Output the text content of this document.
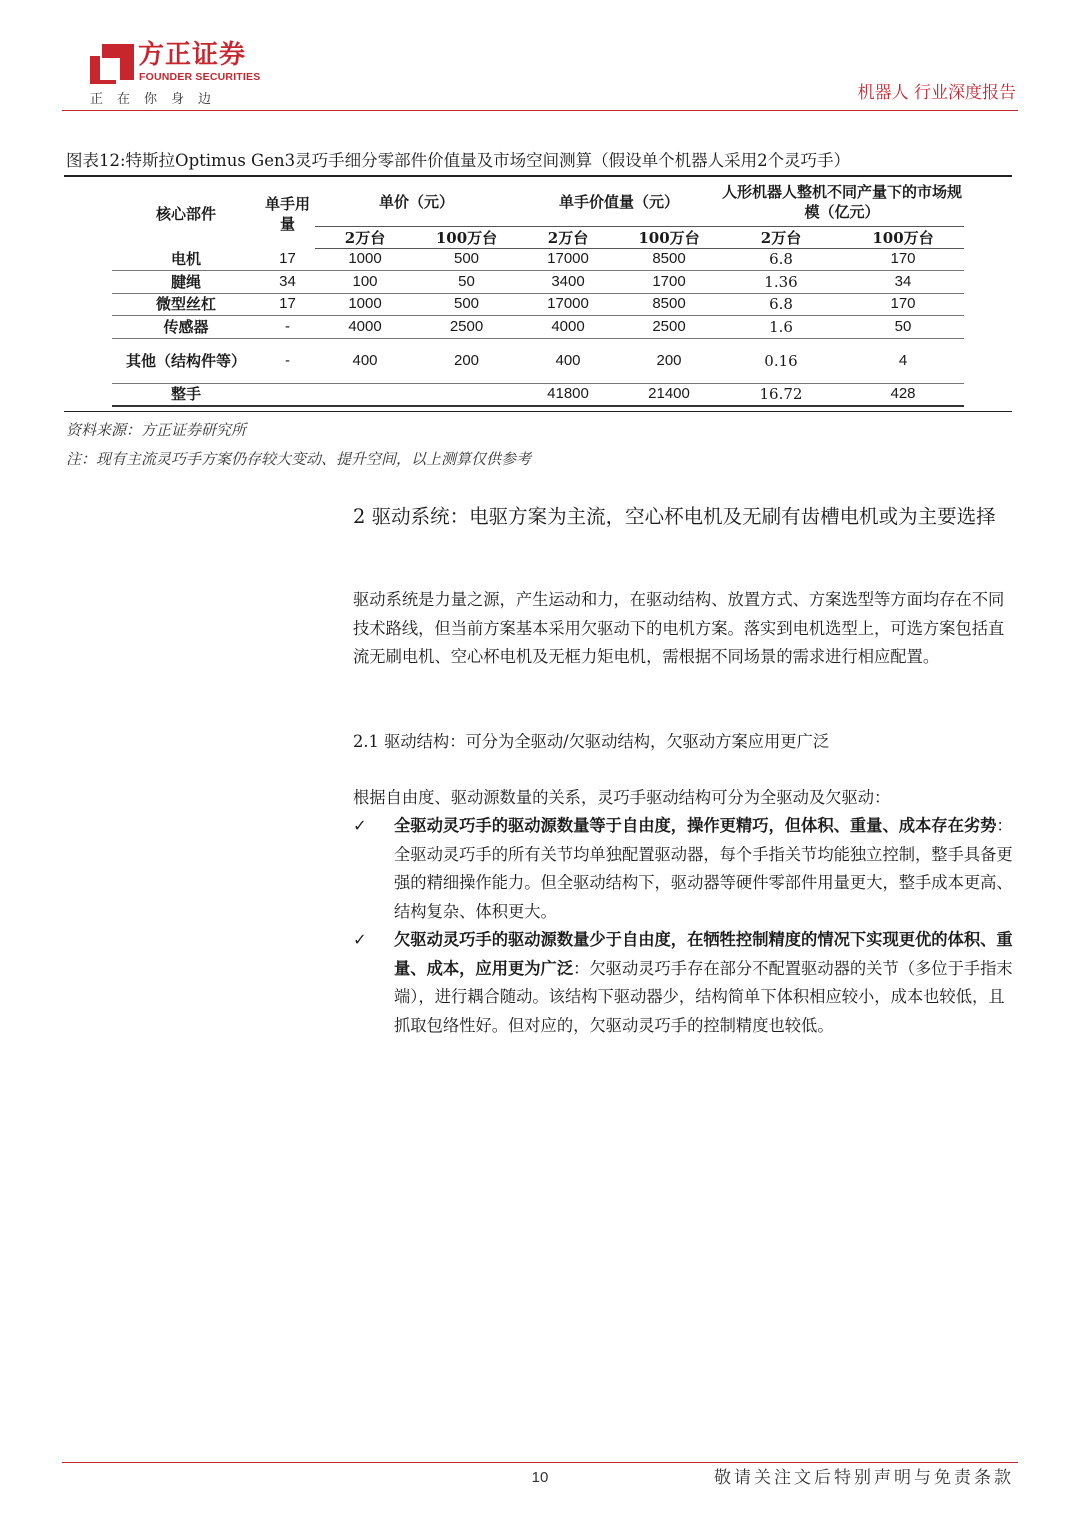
方正证券
FOUNDER SECURITIES
正在你身边	机器人 行业深度报告
图表12:特斯拉Optimus Gen3灵巧手细分零部件价值量及市场空间测算（假设单个机器人采用2个灵巧手）
核心部件	单手用量	单价（元）		单手价值量（元）		人形机器人整机不同产量下的市场规模（亿元）	
		2万台	100万台	2万台	100万台	2万台	100万台
电机	17	1000	500	17000	8500	6.8	170
腱绳	34	100	50	3400	1700	1.36	34
微型丝杠	17	1000	500	17000	8500	6.8	170
传感器	-	4000	2500	4000	2500	1.6	50
其他（结构件等）	-	400	200	400	200	0.16	4
整手				41800	21400	16.72	428
资料来源：方正证券研究所
注：现有主流灵巧手方案仍存较大变动、提升空间，以上测算仅供参考
2 驱动系统：电驱方案为主流，空心杯电机及无刷有齿槽电机或为主要选择
驱动系统是力量之源，产生运动和力，在驱动结构、放置方式、方案选型等方面均存在不同技术路线，但当前方案基本采用欠驱动下的电机方案。落实到电机选型上，可选方案包括直流无刷电机、空心杯电机及无框力矩电机，需根据不同场景的需求进行相应配置。
2.1 驱动结构：可分为全驱动/欠驱动结构，欠驱动方案应用更广泛
根据自由度、驱动源数量的关系，灵巧手驱动结构可分为全驱动及欠驱动：
✓	全驱动灵巧手的驱动源数量等于自由度，操作更精巧，但体积、重量、成本存在劣势：全驱动灵巧手的所有关节均单独配置驱动器，每个手指关节均能独立控制，整手具备更强的精细操作能力。但全驱动结构下，驱动器等硬件零部件用量更大，整手成本更高、结构复杂、体积更大。
✓	欠驱动灵巧手的驱动源数量少于自由度，在牺牲控制精度的情况下实现更优的体积、重量、成本，应用更为广泛：欠驱动灵巧手存在部分不配置驱动器的关节（多位于手指末端），进行耦合随动。该结构下驱动器少，结构简单下体积相应较小，成本也较低，且抓取包络性好。但对应的，欠驱动灵巧手的控制精度也较低。
10	敬请关注文后特别声明与免责条款
